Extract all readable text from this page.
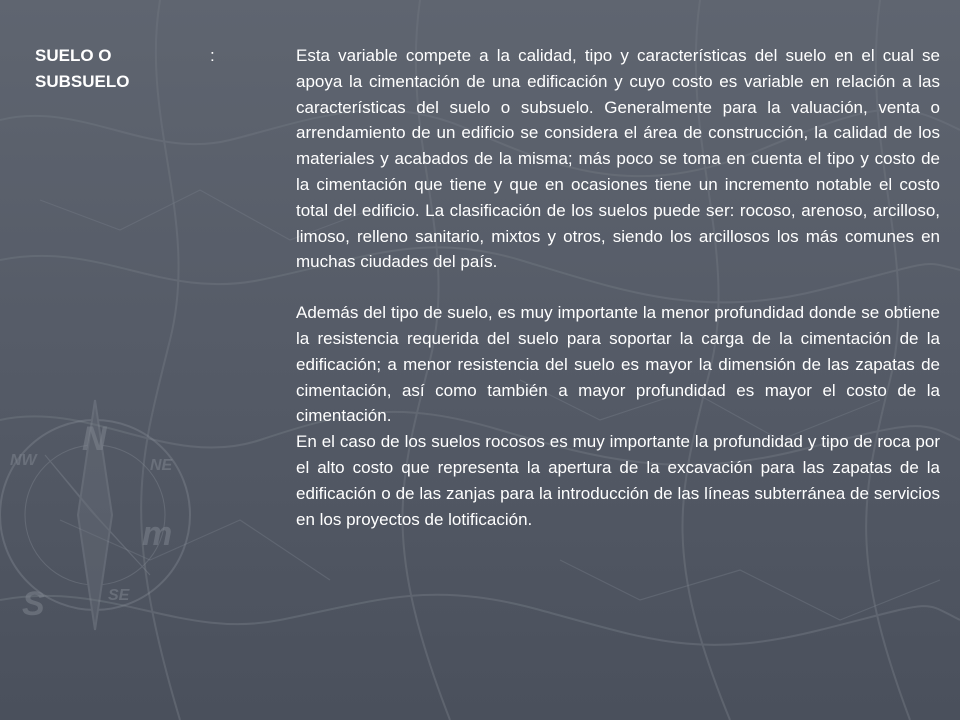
N
NE
NW
S	SE
m
SUELO O
SUBSUELO
:	Esta variable compete a la calidad, tipo y características del suelo en el cual se apoya la cimentación de una edificación y cuyo costo es variable en relación a las características del suelo o subsuelo. Generalmente para la valuación, venta o arrendamiento de un edificio se considera el área de construcción, la calidad de los materiales y acabados de la misma; más poco se toma en cuenta el tipo y costo de la cimentación que tiene y que en ocasiones tiene un incremento notable el costo total del edificio. La clasificación de los suelos puede ser: rocoso, arenoso, arcilloso, limoso, relleno sanitario, mixtos y otros, siendo los arcillosos los más comunes en muchas ciudades del país.

Además del tipo de suelo, es muy importante la menor profundidad donde se obtiene la resistencia requerida del suelo para soportar la carga de la cimentación de la edificación; a menor resistencia del suelo es mayor la dimensión de las zapatas de cimentación, así como también a mayor profundidad es mayor el costo de la cimentación.

En el caso de los suelos rocosos es muy importante la profundidad y tipo de roca por el alto costo que representa la apertura de la excavación para las zapatas de la edificación o de las zanjas para la introducción de las líneas subterránea de servicios en los proyectos de lotificación.
